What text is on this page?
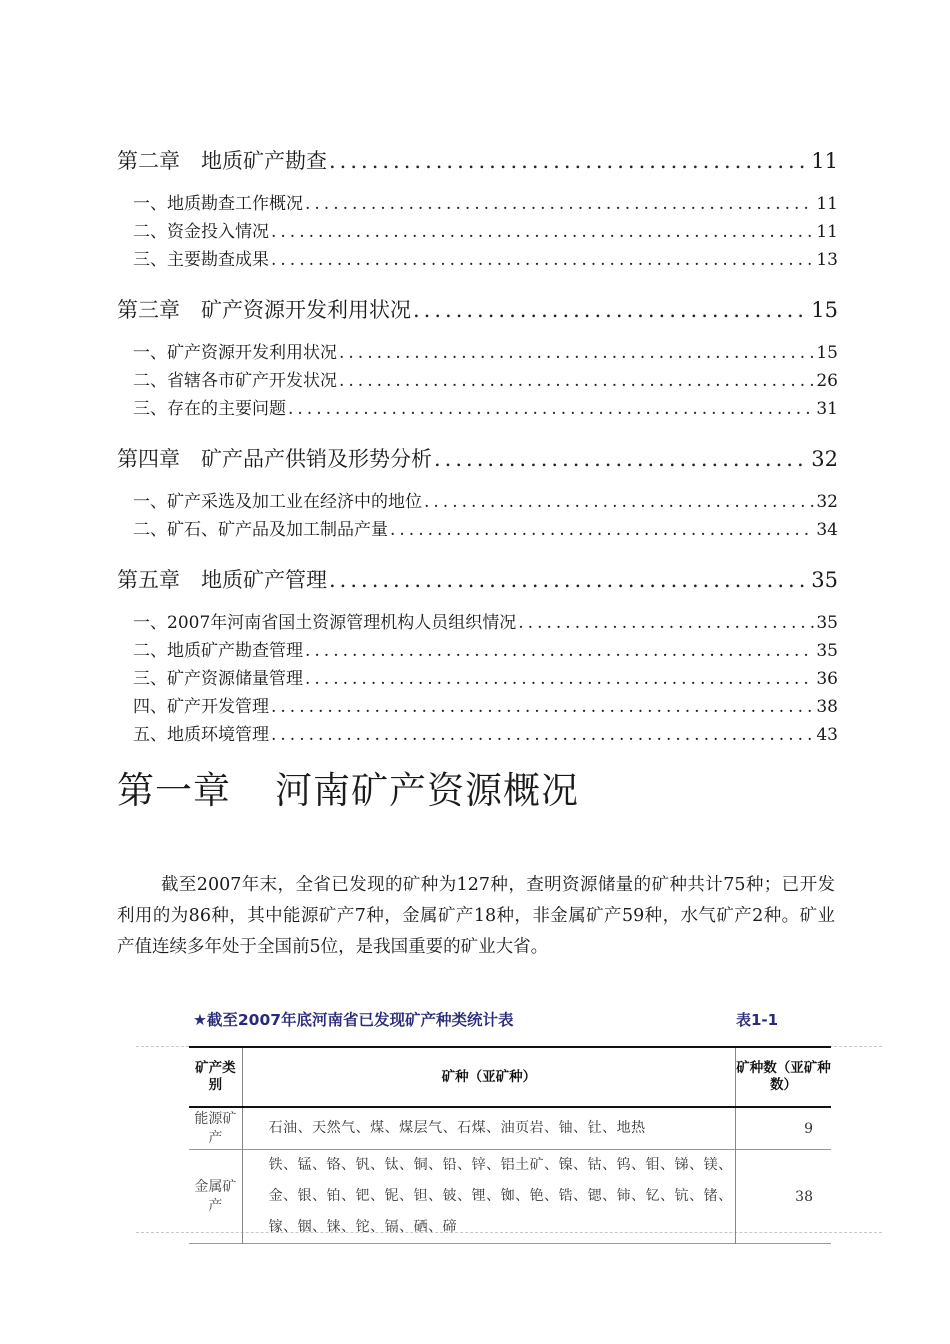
第二章　地质矿产勘查 .....	11
一、地质勘查工作概况 .....	11
二、资金投入情况 .....	11
三、主要勘查成果 .....	13
第三章　矿产资源开发利用状况 .....	15
一、矿产资源开发利用状况 .....	15
二、省辖各市矿产开发状况 .....	26
三、存在的主要问题 .....	31
第四章　矿产品产供销及形势分析 .....	32
一、矿产采选及加工业在经济中的地位 .....	32
二、矿石、矿产品及加工制品产量 .....	34
第五章　地质矿产管理 .....	35
一、2007年河南省国土资源管理机构人员组织情况 .....	35
二、地质矿产勘查管理 .....	35
三、矿产资源储量管理 .....	36
四、矿产开发管理 .....	38
五、地质环境管理 .....	43
第一章 河南矿产资源概况

截至2007年末，全省已发现的矿种为127种，查明资源储量的矿种共计75种；已开发利用的为86种，其中能源矿产7种，金属矿产18种，非金属矿产59种，水气矿产2种。矿业产值连续多年处于全国前5位，是我国重要的矿业大省。

★截至2007年底河南省已发现矿产种类统计表	表1-1
矿产类别	矿种（亚矿种）	矿种数（亚矿种数）
能源矿产	石油、天然气、煤、煤层气、石煤、油页岩、铀、钍、地热	9
金属矿产	铁、锰、铬、钒、钛、铜、铅、锌、铝土矿、镍、钴、钨、钼、锑、镁、金、银、铂、钯、铌、钽、铍、锂、铷、铯、锆、锶、铈、钇、钪、锗、镓、铟、铼、铊、镉、硒、碲	38
